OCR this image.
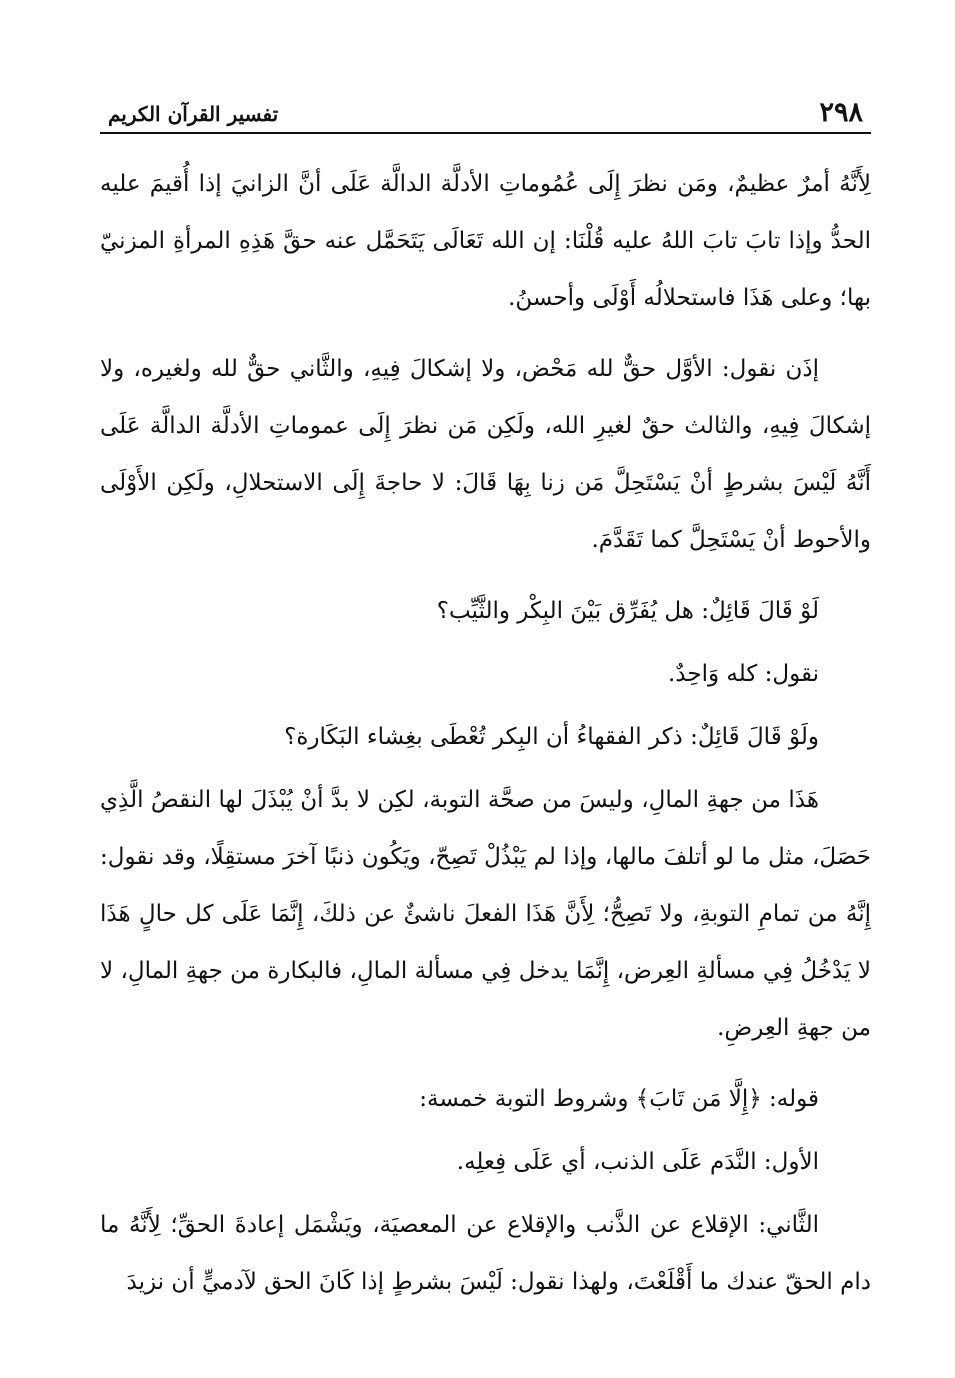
٢٩٨
تفسير القرآن الكريم

لِأَنَّهُ أمرٌ عظيمٌ، ومَن نظرَ إِلَى عُمُوماتِ الأدلَّة الدالَّة عَلَى أنَّ الزانيَ إذا أُقيمَ عليه الحدُّ وإذا تابَ تابَ اللهُ عليه قُلْنَا: إن الله تَعَالَى يَتَحَمَّل عنه حقَّ هَذِهِ المرأةِ المزنيّ بها؛ وعلى هَذَا فاستحلالُه أَوْلَى وأحسنُ.

إذَن نقول: الأوَّل حقٌّ لله مَحْض، ولا إشكالَ فِيهِ، والثَّاني حقٌّ لله ولغيره، ولا إشكالَ فِيهِ، والثالث حقٌ لغيرِ الله، ولَكِن مَن نظرَ إِلَى عموماتِ الأدلَّة الدالَّة عَلَى أَنَّهُ لَيْسَ بشرطٍ أنْ يَسْتَحِلَّ مَن زنا بِهَا قَالَ: لا حاجةَ إِلَى الاستحلالِ، ولَكِن الأَوْلَى والأحوط أنْ يَسْتَحِلَّ كما تَقَدَّمَ.

لَوْ قَالَ قَائِلٌ: هل يُفَرِّق بَيْنَ البِكْر والثَّيِّب؟

نقول: كله وَاحِدٌ.

ولَوْ قَالَ قَائِلٌ: ذكر الفقهاءُ أن البِكر تُعْطَى بغِشاء البَكَارة؟

هَذَا من جهةِ المالِ، وليسَ من صحَّة التوبة، لكِن لا بدَّ أنْ يُبْذَلَ لها النقصُ الَّذِي حَصَلَ، مثل ما لو أتلفَ مالها، وإذا لم يَبْذُلْ تَصِحّ، ويَكُون ذنبًا آخرَ مستقِلًا، وقد نقول: إِنَّهُ من تمامِ التوبةِ، ولا تَصِحُّ؛ لِأَنَّ هَذَا الفعلَ ناشئٌ عن ذلكَ، إِنَّمَا عَلَى كل حالٍ هَذَا لا يَدْخُلُ فِي مسألةِ العِرض، إِنَّمَا يدخل فِي مسألة المالِ، فالبكارة من جهةِ المالِ، لا من جهةِ العِرضِ.

قوله: ﴿إِلَّا مَن تَابَ﴾ وشروط التوبة خمسة:

الأول: النَّدَم عَلَى الذنب، أي عَلَى فِعلِه.

الثَّاني: الإقلاع عن الذَّنب والإقلاع عن المعصيَة، ويَشْمَل إعادةَ الحقِّ؛ لِأَنَّهُ ما دام الحقّ عندك ما أَقْلَعْتَ، ولهذا نقول: لَيْسَ بشرطٍ إذا كَانَ الحق لآدميٍّ أن نزيدَ
